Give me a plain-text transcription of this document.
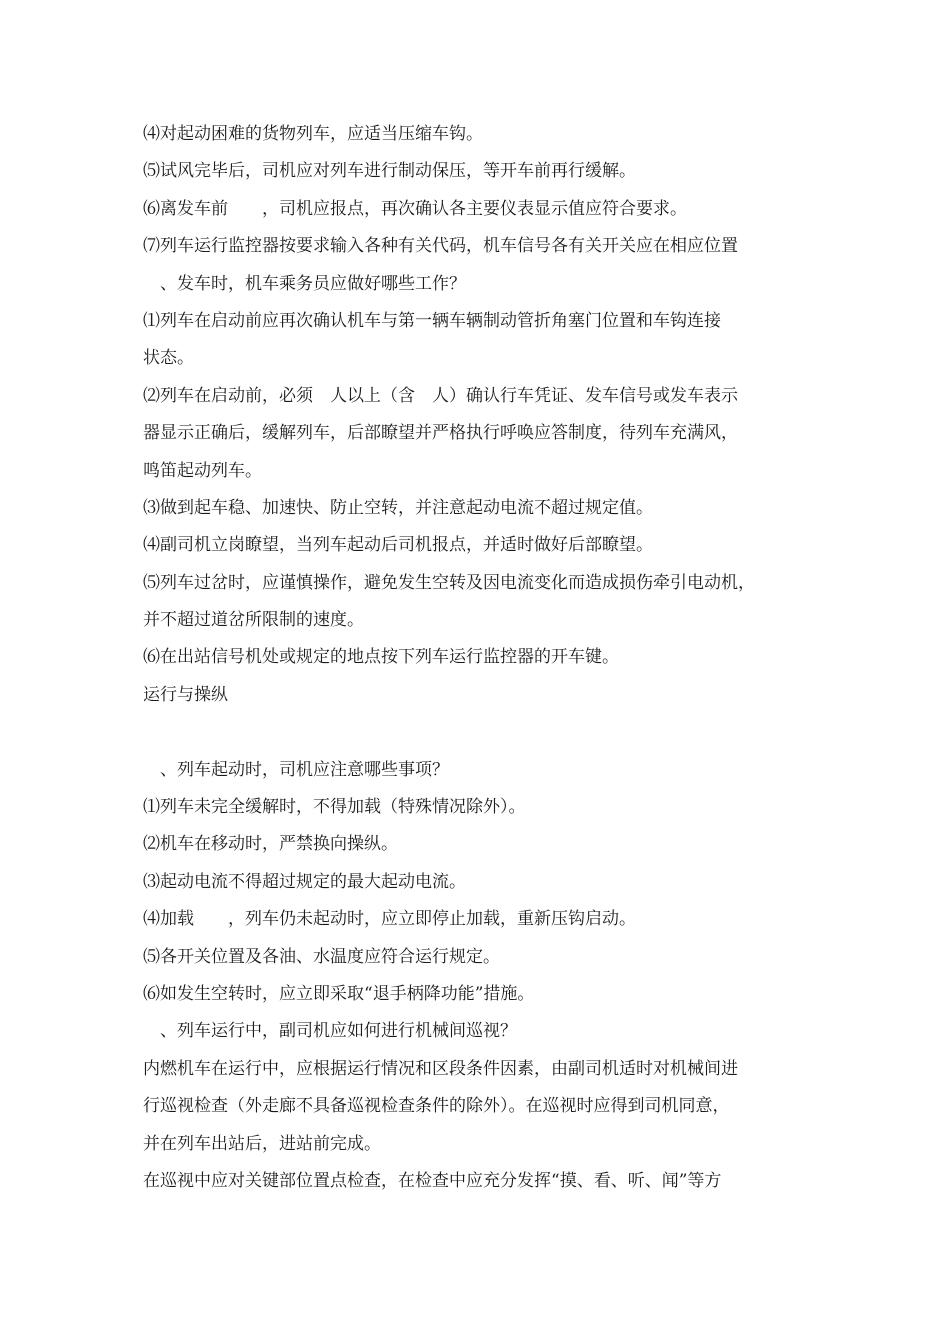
⑷对起动困难的货物列车，应适当压缩车钩。
⑸试风完毕后，司机应对列车进行制动保压，等开车前再行缓解。
⑹离发车前　　，司机应报点，再次确认各主要仪表显示值应符合要求。
⑺列车运行监控器按要求输入各种有关代码，机车信号各有关开关应在相应位置
　、发车时，机车乘务员应做好哪些工作？
⑴列车在启动前应再次确认机车与第一辆车辆制动管折角塞门位置和车钩连接
状态。
⑵列车在启动前，必须　人以上（含　人）确认行车凭证、发车信号或发车表示
器显示正确后，缓解列车，后部瞭望并严格执行呼唤应答制度，待列车充满风，
鸣笛起动列车。
⑶做到起车稳、加速快、防止空转，并注意起动电流不超过规定值。
⑷副司机立岗瞭望，当列车起动后司机报点，并适时做好后部瞭望。
⑸列车过岔时，应谨慎操作，避免发生空转及因电流变化而造成损伤牵引电动机，
并不超过道岔所限制的速度。
⑹在出站信号机处或规定的地点按下列车运行监控器的开车键。
运行与操纵
　、列车起动时，司机应注意哪些事项？
⑴列车未完全缓解时，不得加载（特殊情况除外）。
⑵机车在移动时，严禁换向操纵。
⑶起动电流不得超过规定的最大起动电流。
⑷加载　　，列车仍未起动时，应立即停止加载，重新压钩启动。
⑸各开关位置及各油、水温度应符合运行规定。
⑹如发生空转时，应立即采取“退手柄降功能”措施。
　、列车运行中，副司机应如何进行机械间巡视？
内燃机车在运行中，应根据运行情况和区段条件因素，由副司机适时对机械间进
行巡视检查（外走廊不具备巡视检查条件的除外）。在巡视时应得到司机同意，
并在列车出站后，进站前完成。
在巡视中应对关键部位置点检查，在检查中应充分发挥“摸、看、听、闻”等方
